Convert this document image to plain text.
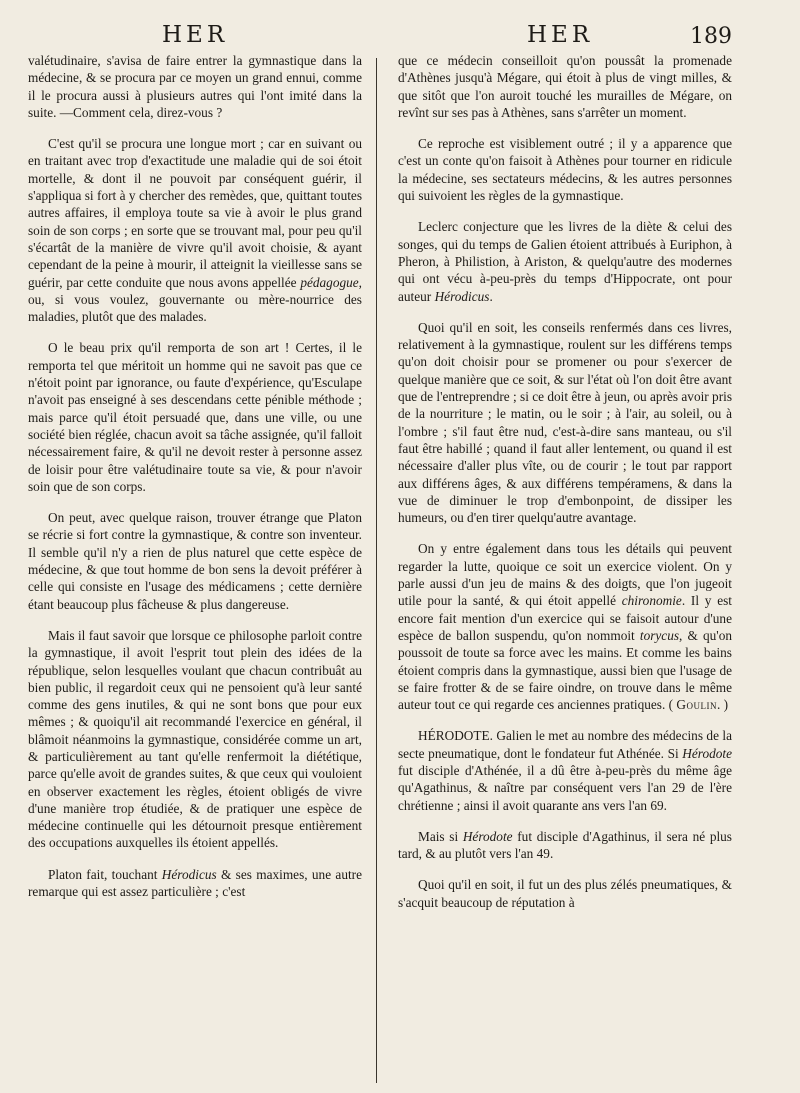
HER	HER	189

valétudinaire, s'avisa de faire entrer la gymnastique dans la médecine, & se procura par ce moyen un grand ennui, comme il le procura aussi à plusieurs autres qui l'ont imité dans la suite. —Comment cela, direz-vous ?

C'est qu'il se procura une longue mort ; car en suivant ou en traitant avec trop d'exactitude une maladie qui de soi étoit mortelle, & dont il ne pouvoit par conséquent guérir, il s'appliqua si fort à y chercher des remèdes, que, quittant toutes autres affaires, il employa toute sa vie à avoir le plus grand soin de son corps ; en sorte que se trouvant mal, pour peu qu'il s'écartât de la manière de vivre qu'il avoit choisie, & ayant cependant de la peine à mourir, il atteignit la vieillesse sans se guérir, par cette conduite que nous avons appellée pédagogue, ou, si vous voulez, gouvernante ou mère-nourrice des maladies, plutôt que des malades.

O le beau prix qu'il remporta de son art ! Certes, il le remporta tel que méritoit un homme qui ne savoit pas que ce n'étoit point par ignorance, ou faute d'expérience, qu'Esculape n'avoit pas enseigné à ses descendans cette pénible méthode ; mais parce qu'il étoit persuadé que, dans une ville, ou une société bien réglée, chacun avoit sa tâche assignée, qu'il falloit nécessairement faire, & qu'il ne devoit rester à personne assez de loisir pour être valétudinaire toute sa vie, & pour n'avoir soin que de son corps.

On peut, avec quelque raison, trouver étrange que Platon se récrie si fort contre la gymnastique, & contre son inventeur. Il semble qu'il n'y a rien de plus naturel que cette espèce de médecine, & que tout homme de bon sens la devoit préférer à celle qui consiste en l'usage des médicamens ; cette dernière étant beaucoup plus fâcheuse & plus dangereuse.

Mais il faut savoir que lorsque ce philosophe parloit contre la gymnastique, il avoit l'esprit tout plein des idées de la république, selon lesquelles voulant que chacun contribuât au bien public, il regardoit ceux qui ne pensoient qu'à leur santé comme des gens inutiles, & qui ne sont bons que pour eux mêmes ; & quoiqu'il ait recommandé l'exercice en général, il blâmoit néanmoins la gymnastique, considérée comme un art, & particulièrement au tant qu'elle renfermoit la diététique, parce qu'elle avoit de grandes suites, & que ceux qui vouloient en observer exactement les règles, étoient obligés de vivre d'une manière trop étudiée, & de pratiquer une espèce de médecine continuelle qui les détournoit presque entièrement des occupations auxquelles ils étoient appellés.

Platon fait, touchant Hérodicus & ses maximes, une autre remarque qui est assez particulière ; c'est

que ce médecin conseilloit qu'on poussât la promenade d'Athènes jusqu'à Mégare, qui étoit à plus de vingt milles, & que sitôt que l'on auroit touché les murailles de Mégare, on revînt sur ses pas à Athènes, sans s'arrêter un moment.

Ce reproche est visiblement outré ; il y a apparence que c'est un conte qu'on faisoit à Athènes pour tourner en ridicule la médecine, ses sectateurs médecins, & les autres personnes qui suivoient les règles de la gymnastique.

Leclerc conjecture que les livres de la diète & celui des songes, qui du temps de Galien étoient attribués à Euriphon, à Pheron, à Philistion, à Ariston, & quelqu'autre des modernes qui ont vécu à-peu-près du temps d'Hippocrate, ont pour auteur Hérodicus.

Quoi qu'il en soit, les conseils renfermés dans ces livres, relativement à la gymnastique, roulent sur les différens temps qu'on doit choisir pour se promener ou pour s'exercer de quelque manière que ce soit, & sur l'état où l'on doit être avant que de l'entreprendre ; si ce doit être à jeun, ou après avoir pris de la nourriture ; le matin, ou le soir ; à l'air, au soleil, ou à l'ombre ; s'il faut être nud, c'est-à-dire sans manteau, ou s'il faut être habillé ; quand il faut aller lentement, ou quand il est nécessaire d'aller plus vîte, ou de courir ; le tout par rapport aux différens âges, & aux différens tempéramens, & dans la vue de diminuer le trop d'embonpoint, de dissiper les humeurs, ou d'en tirer quelqu'autre avantage.

On y entre également dans tous les détails qui peuvent regarder la lutte, quoique ce soit un exercice violent. On y parle aussi d'un jeu de mains & des doigts, que l'on jugeoit utile pour la santé, & qui étoit appellé chironomie. Il y est encore fait mention d'un exercice qui se faisoit autour d'une espèce de ballon suspendu, qu'on nommoit torycus, & qu'on poussoit de toute sa force avec les mains. Et comme les bains étoient compris dans la gymnastique, aussi bien que l'usage de se faire frotter & de se faire oindre, on trouve dans le même auteur tout ce qui regarde ces anciennes pratiques. ( Goulin. )

HÉRODOTE. Galien le met au nombre des médecins de la secte pneumatique, dont le fondateur fut Athénée. Si Hérodote fut disciple d'Athénée, il a dû être à-peu-près du même âge qu'Agathinus, & naître par conséquent vers l'an 29 de l'ère chrétienne ; ainsi il avoit quarante ans vers l'an 69.

Mais si Hérodote fut disciple d'Agathinus, il sera né plus tard, & au plutôt vers l'an 49.

Quoi qu'il en soit, il fut un des plus zélés pneumatiques, & s'acquit beaucoup de réputation à
